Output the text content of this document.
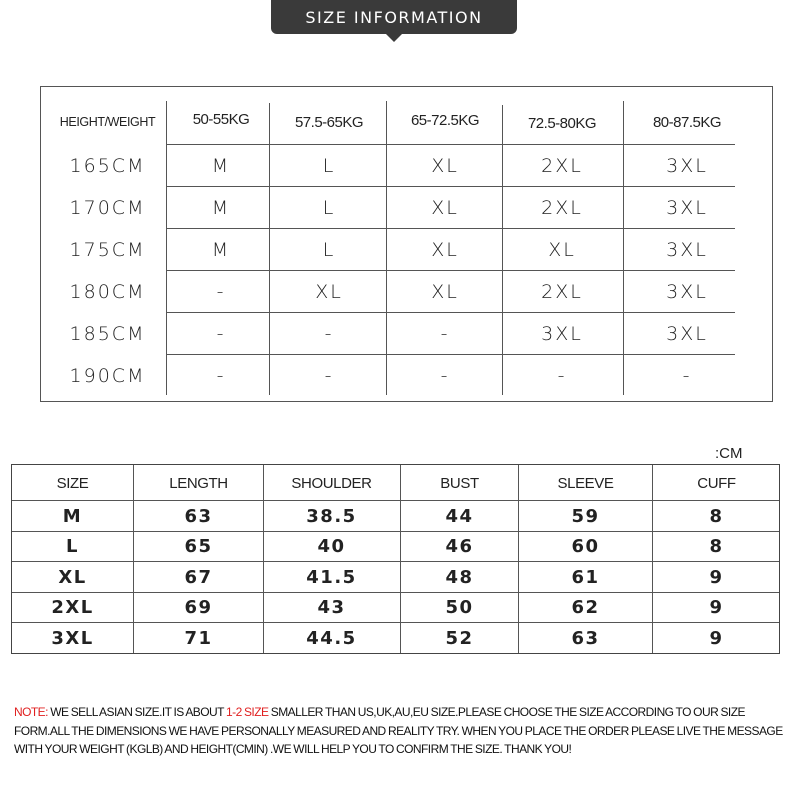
SIZE INFORMATION
HEIGHT/WEIGHT	50-55KG	57.5-65KG	65-72.5KG	72.5-80KG	80-87.5KG
165CM	M	L	XL	2XL	3XL
170CM	M	L	XL	2XL	3XL
175CM	M	L	XL	XL	3XL
180CM	-	XL	XL	2XL	3XL
185CM	-	-	-	3XL	3XL
190CM	-	-	-	-	-
:CM
SIZE	LENGTH	SHOULDER	BUST	SLEEVE	CUFF
M	63	38.5	44	59	8
L	65	40	46	60	8
XL	67	41.5	48	61	9
2XL	69	43	50	62	9
3XL	71	44.5	52	63	9
NOTE: WE SELL ASIAN SIZE.IT IS ABOUT 1-2 SIZE SMALLER THAN US,UK,AU,EU SIZE.PLEASE CHOOSE THE SIZE ACCORDING TO OUR SIZE FORM.ALL THE DIMENSIONS WE HAVE PERSONALLY MEASURED AND REALITY TRY. WHEN YOU PLACE THE ORDER PLEASE LIVE THE MESSAGE WITH YOUR WEIGHT (KGLB) AND HEIGHT(CMIN) .WE WILL HELP YOU TO CONFIRM THE SIZE. THANK YOU!
